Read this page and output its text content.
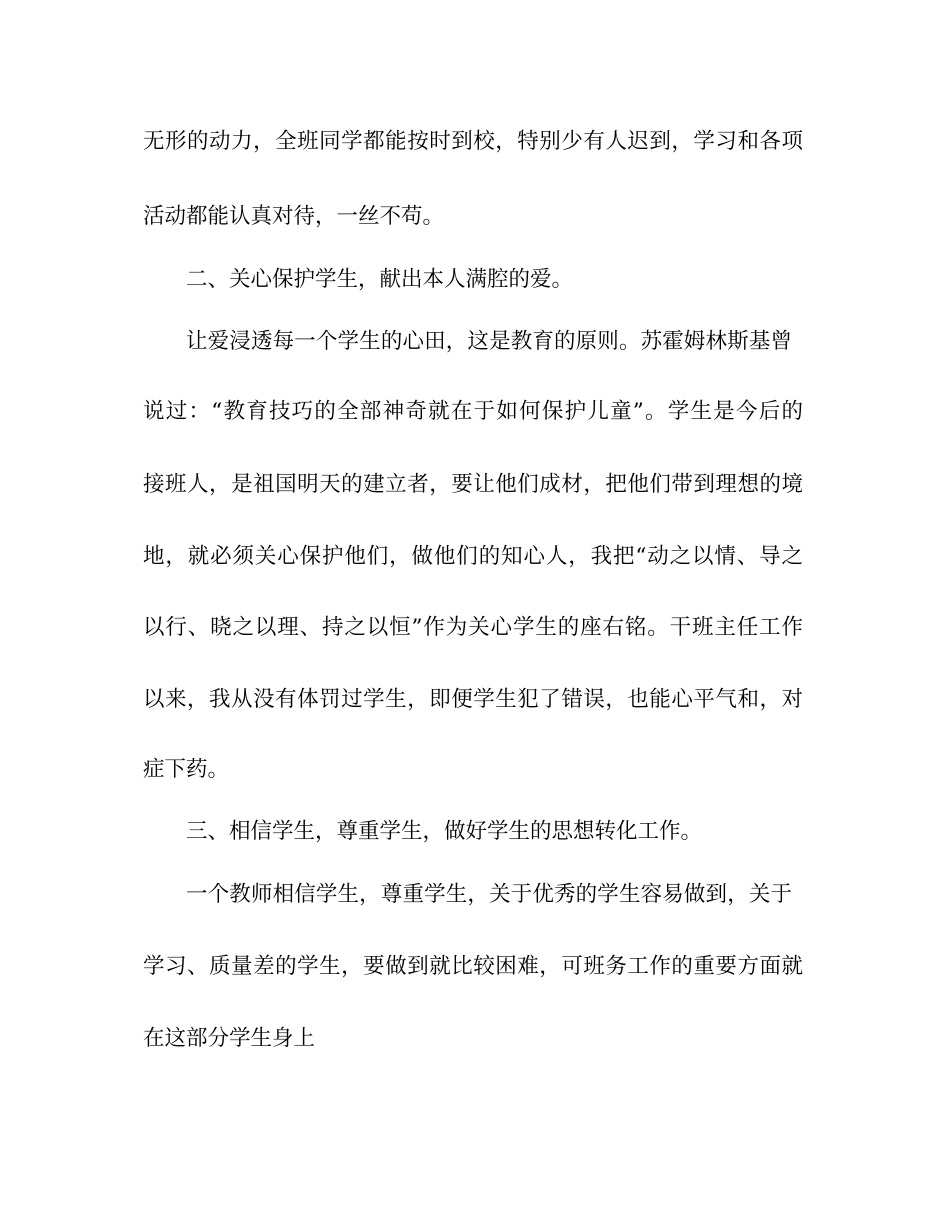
无形的动力，全班同学都能按时到校，特别少有人迟到，学习和各项
活动都能认真对待，一丝不苟。
二、关心保护学生，献出本人满腔的爱。
让爱浸透每一个学生的心田，这是教育的原则。苏霍姆林斯基曾
说过：“教育技巧的全部神奇就在于如何保护儿童”。学生是今后的
接班人，是祖国明天的建立者，要让他们成材，把他们带到理想的境
地，就必须关心保护他们，做他们的知心人，我把“动之以情、导之
以行、晓之以理、持之以恒”作为关心学生的座右铭。干班主任工作
以来，我从没有体罚过学生，即便学生犯了错误，也能心平气和，对
症下药。
三、相信学生，尊重学生，做好学生的思想转化工作。
一个教师相信学生，尊重学生，关于优秀的学生容易做到，关于
学习、质量差的学生，要做到就比较困难，可班务工作的重要方面就
在这部分学生身上
